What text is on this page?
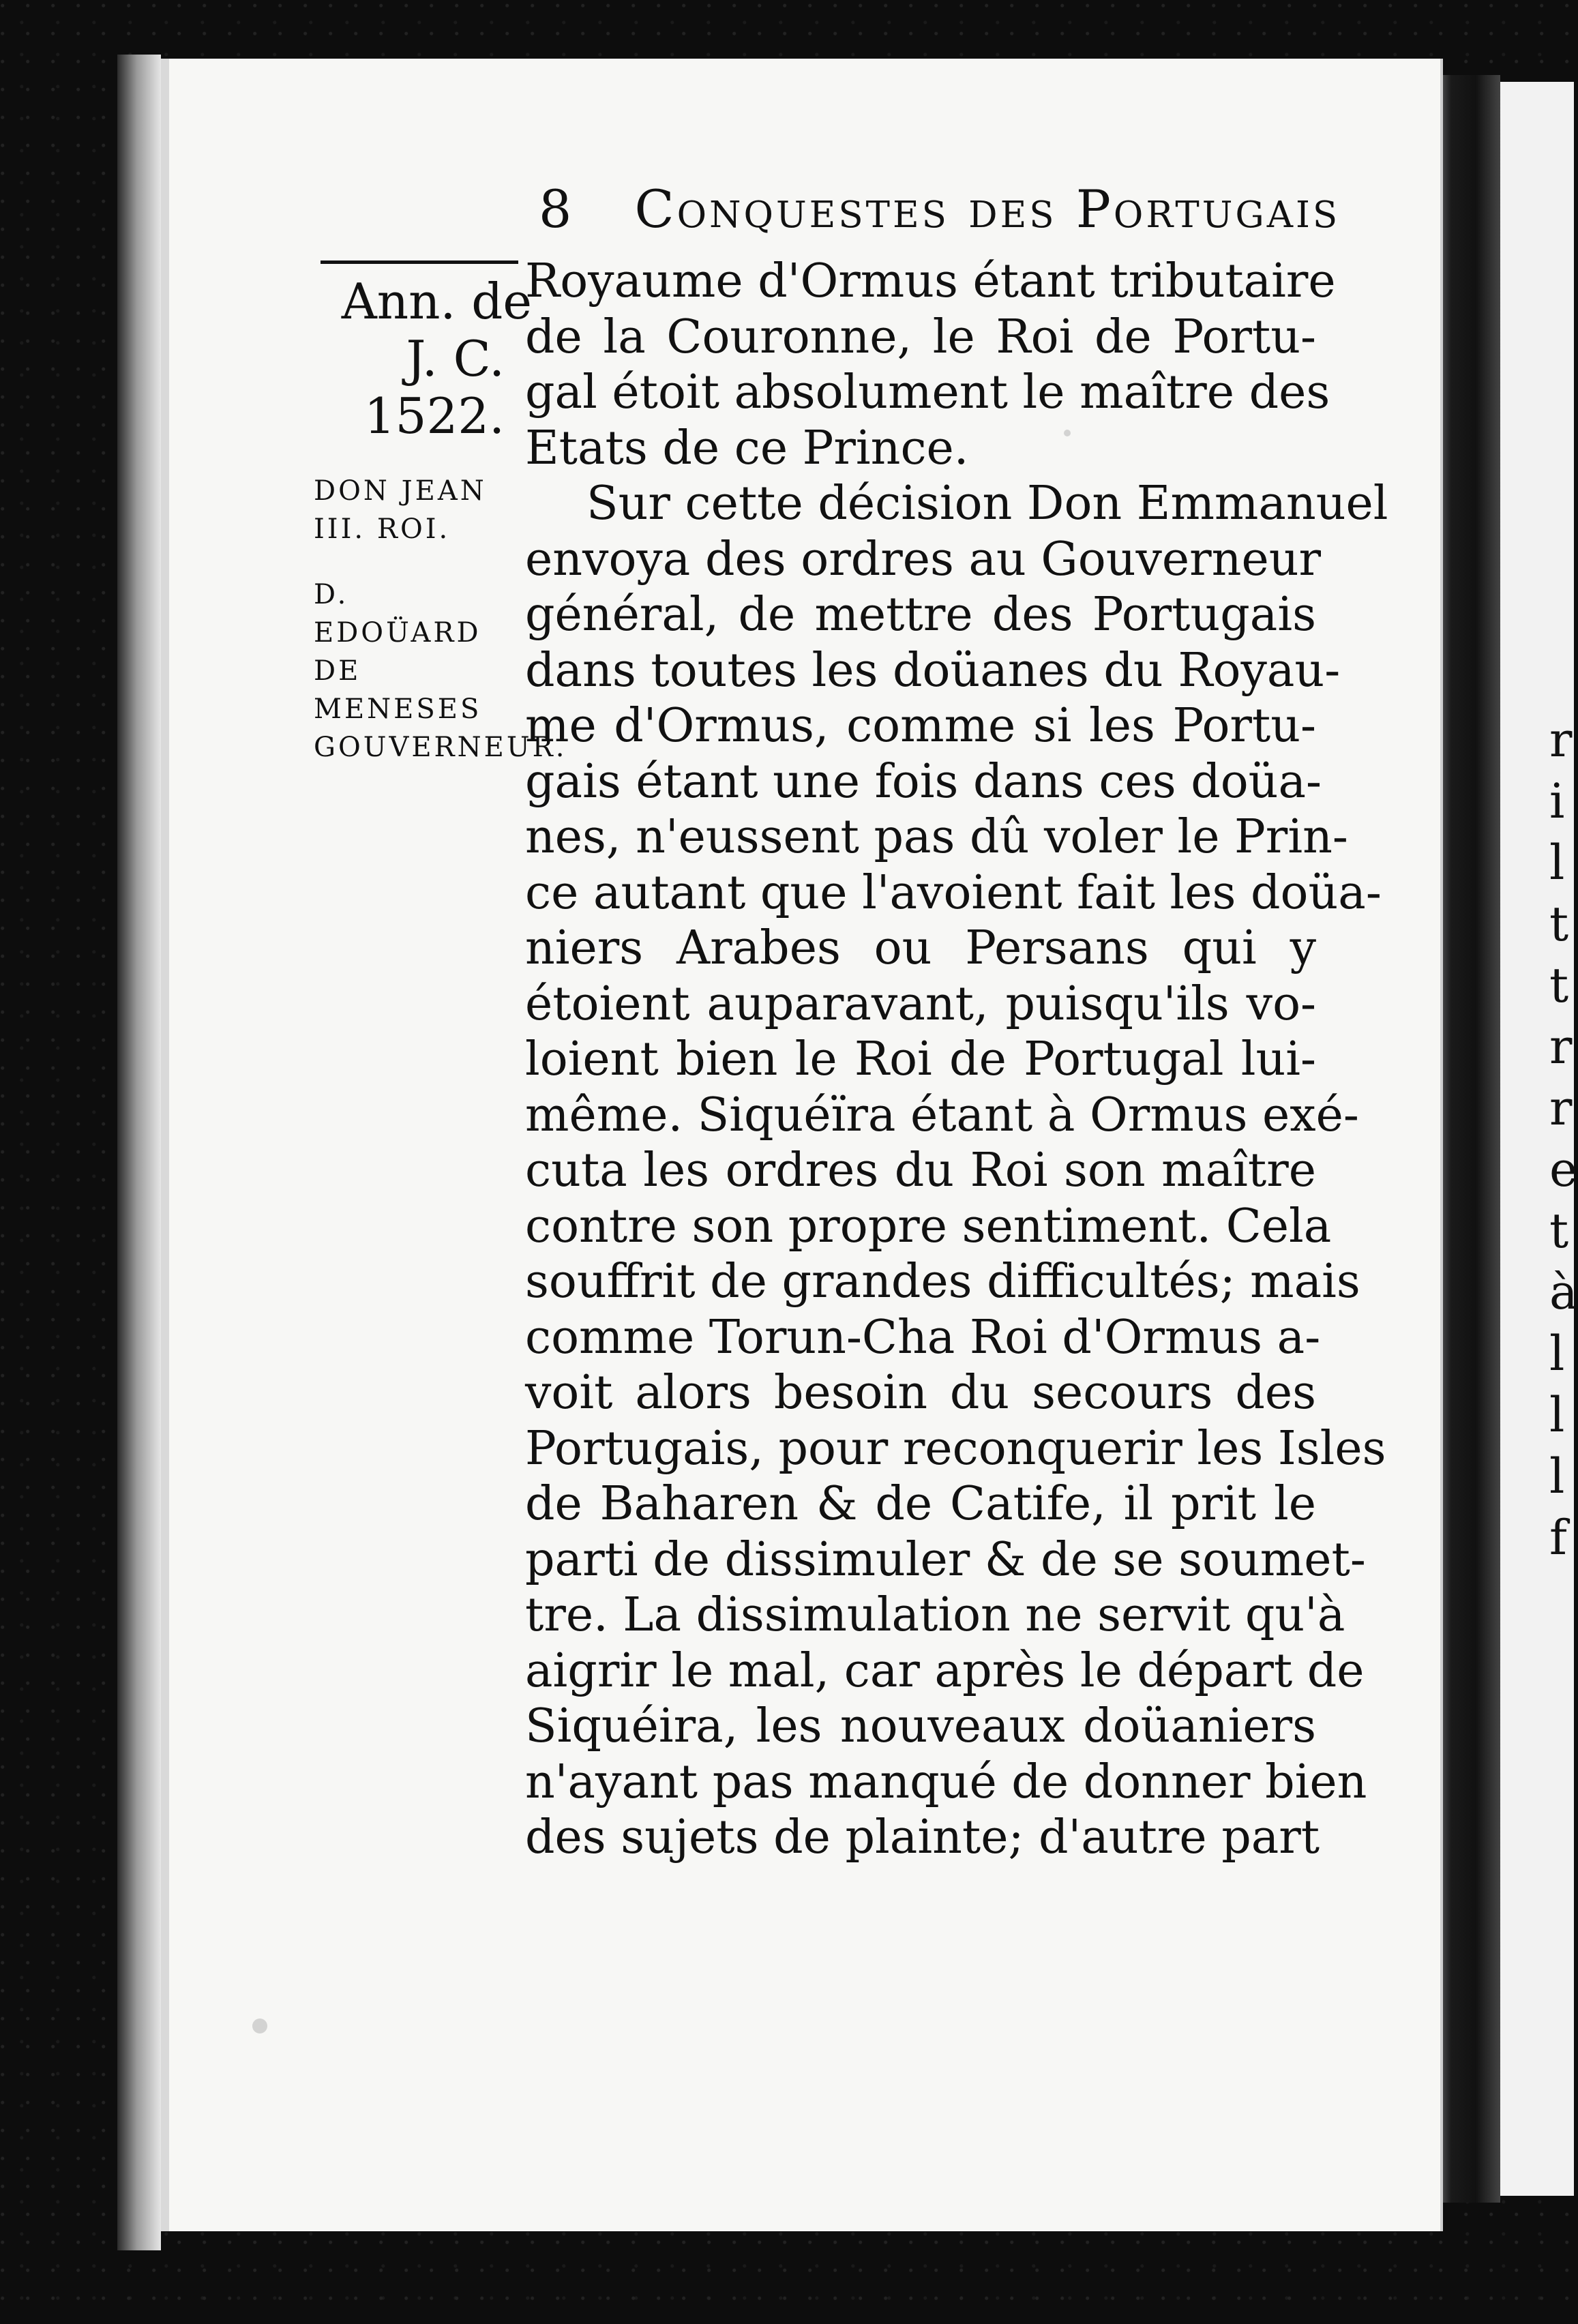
r
i
l
t
t
r
r
e
t
à
l
l
l
f
8 Conquestes des Portugais
Ann. de
J. C.
1522.
DON JEAN III. ROI.
D. EDOÜARD DE MENESES GOUVERNEUR.
Royaume d'Ormus étant tributaire
de la Couronne, le Roi de Portu-
gal étoit absolument le maître des
Etats de ce Prince.
Sur cette décision Don Emmanuel
envoya des ordres au Gouverneur
général, de mettre des Portugais
dans toutes les doüanes du Royau-
me d'Ormus, comme si les Portu-
gais étant une fois dans ces doüa-
nes, n'eussent pas dû voler le Prin-
ce autant que l'avoient fait les doüa-
niers Arabes ou Persans qui y
étoient auparavant, puisqu'ils vo-
loient bien le Roi de Portugal lui-
même. Siquéïra étant à Ormus exé-
cuta les ordres du Roi son maître
contre son propre sentiment. Cela
souffrit de grandes difficultés; mais
comme Torun-Cha Roi d'Ormus a-
voit alors besoin du secours des
Portugais, pour reconquerir les Isles
de Baharen & de Catife, il prit le
parti de dissimuler & de se soumet-
tre. La dissimulation ne servit qu'à
aigrir le mal, car après le départ de
Siquéira, les nouveaux doüaniers
n'ayant pas manqué de donner bien
des sujets de plainte; d'autre part
